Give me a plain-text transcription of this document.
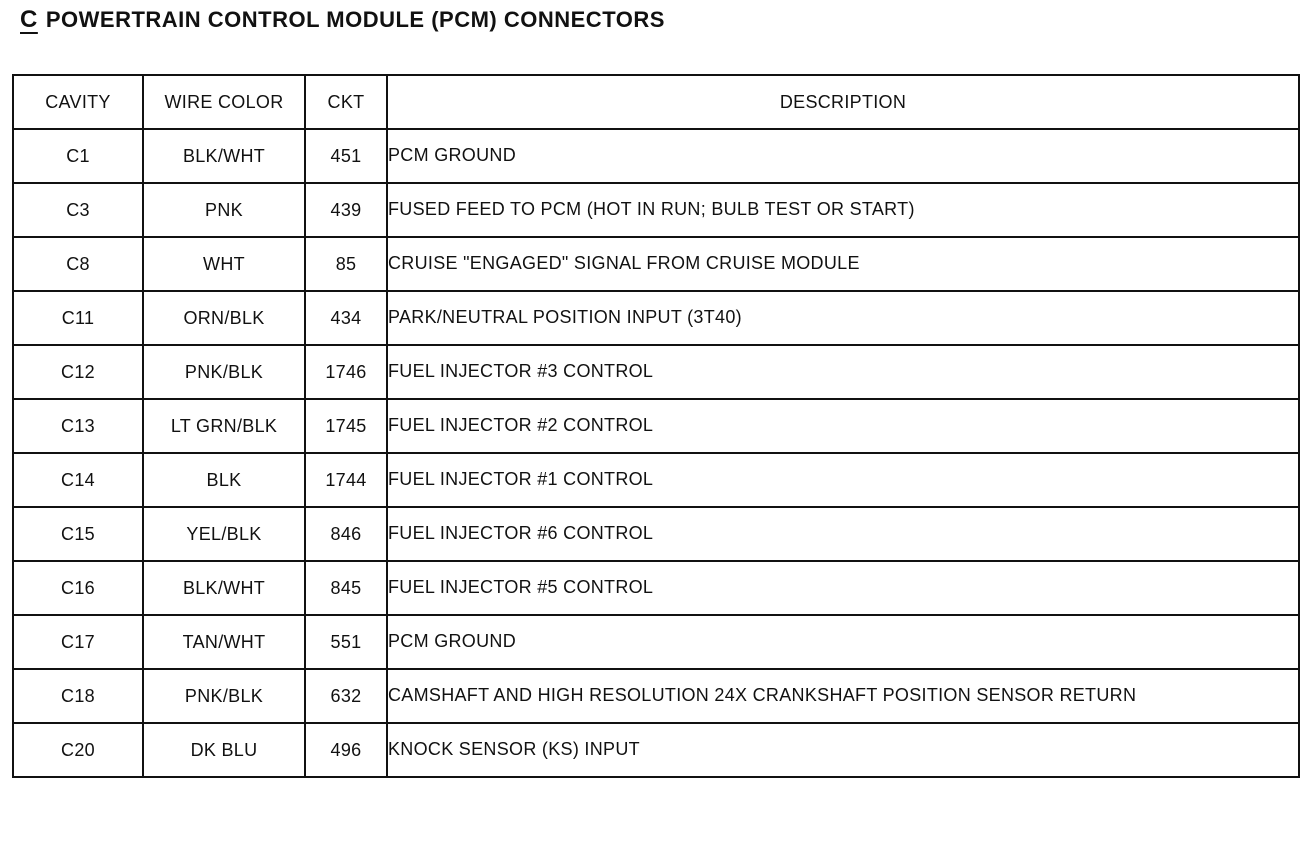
C POWERTRAIN CONTROL MODULE (PCM) CONNECTORS
CAVITY	WIRE COLOR	CKT	DESCRIPTION
C1	BLK/WHT	451	PCM GROUND
C3	PNK	439	FUSED FEED TO PCM (HOT IN RUN; BULB TEST OR START)
C8	WHT	85	CRUISE "ENGAGED" SIGNAL FROM CRUISE MODULE
C11	ORN/BLK	434	PARK/NEUTRAL POSITION INPUT (3T40)
C12	PNK/BLK	1746	FUEL INJECTOR #3 CONTROL
C13	LT GRN/BLK	1745	FUEL INJECTOR #2 CONTROL
C14	BLK	1744	FUEL INJECTOR #1 CONTROL
C15	YEL/BLK	846	FUEL INJECTOR #6 CONTROL
C16	BLK/WHT	845	FUEL INJECTOR #5 CONTROL
C17	TAN/WHT	551	PCM GROUND
C18	PNK/BLK	632	CAMSHAFT AND HIGH RESOLUTION 24X CRANKSHAFT POSITION SENSOR RETURN
C20	DK BLU	496	KNOCK SENSOR (KS) INPUT
